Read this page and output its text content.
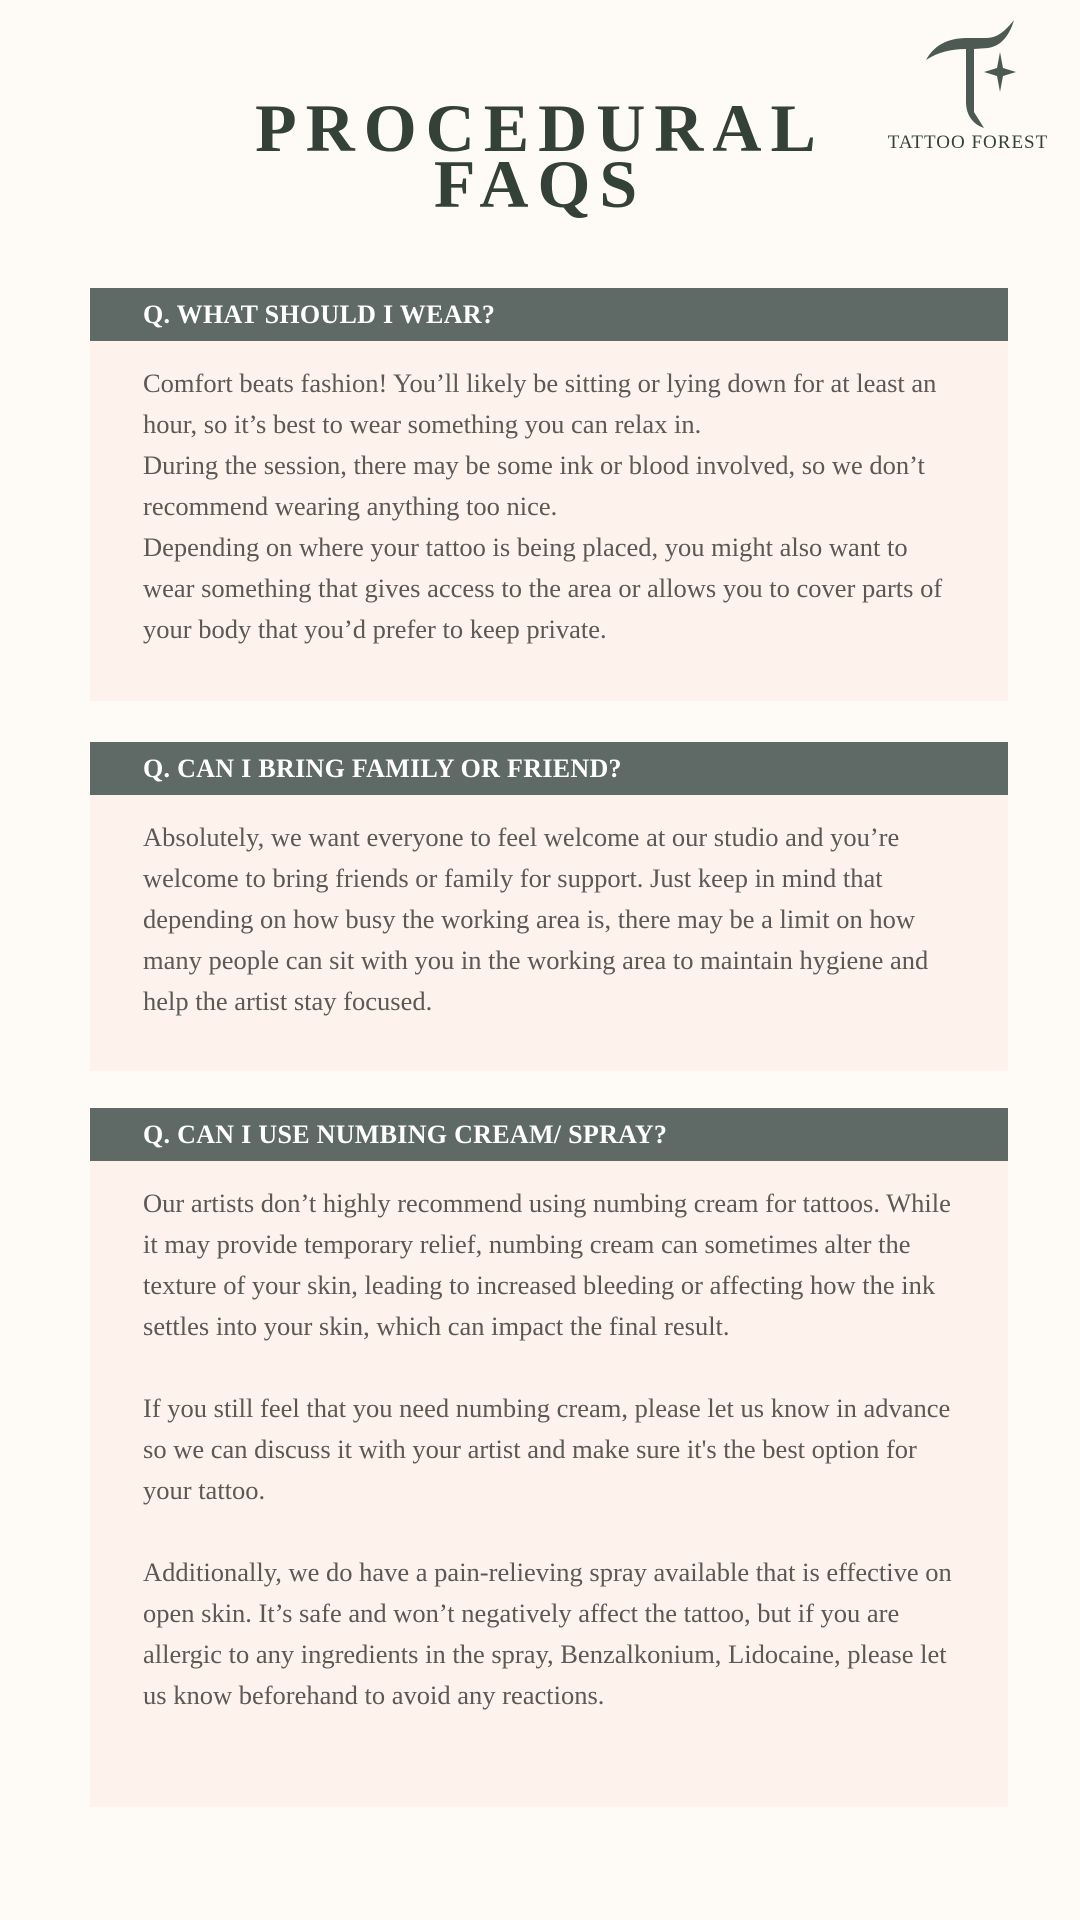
PROCEDURAL
FAQS
TATTOO FOREST
Q. WHAT SHOULD I WEAR?

Comfort beats fashion! You’ll likely be sitting or lying down for at least an hour, so it’s best to wear something you can relax in.

During the session, there may be some ink or blood involved, so we don’t recommend wearing anything too nice.

Depending on where your tattoo is being placed, you might also want to wear something that gives access to the area or allows you to cover parts of your body that you’d prefer to keep private.

Q. CAN I BRING FAMILY OR FRIEND?

Absolutely, we want everyone to feel welcome at our studio and you’re welcome to bring friends or family for support. Just keep in mind that depending on how busy the working area is, there may be a limit on how many people can sit with you in the working area to maintain hygiene and help the artist stay focused.

Q. CAN I USE NUMBING CREAM/ SPRAY?

Our artists don’t highly recommend using numbing cream for tattoos. While it may provide temporary relief, numbing cream can sometimes alter the texture of your skin, leading to increased bleeding or affecting how the ink settles into your skin, which can impact the final result.

If you still feel that you need numbing cream, please let us know in advance so we can discuss it with your artist and make sure it's the best option for your tattoo.

Additionally, we do have a pain-relieving spray available that is effective on open skin. It’s safe and won’t negatively affect the tattoo, but if you are allergic to any ingredients in the spray, Benzalkonium, Lidocaine, please let us know beforehand to avoid any reactions.
